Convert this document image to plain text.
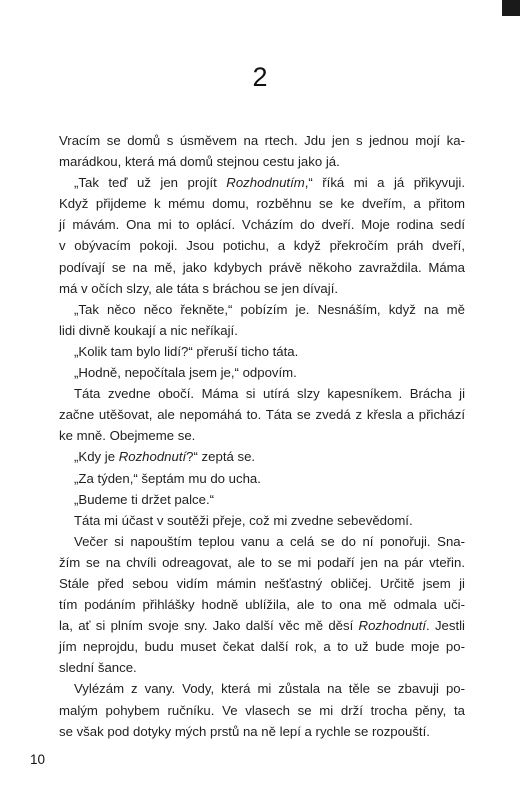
2
Vracím se domů s úsměvem na rtech. Jdu jen s jednou mojí ka-
marádkou, která má domů stejnou cestu jako já.
„Tak teď už jen projít Rozhodnutím,“ říká mi a já přikyvuji.
Když přijdeme k mému domu, rozběhnu se ke dveřím, a přitom
jí mávám. Ona mi to oplácí. Vcházím do dveří. Moje rodina sedí
v obývacím pokoji. Jsou potichu, a když překročím práh dveří,
podívají se na mě, jako kdybych právě někoho zavraždila. Máma
má v očích slzy, ale táta s bráchou se jen dívají.
„Tak něco něco řekněte,“ pobízím je. Nesnáším, když na mě
lidi divně koukají a nic neříkají.
„Kolik tam bylo lidí?“ přeruší ticho táta.
„Hodně, nepočítala jsem je,“ odpovím.
Táta zvedne obočí. Máma si utírá slzy kapesníkem. Brácha ji
začne utěšovat, ale nepomáhá to. Táta se zvedá z křesla a přichází
ke mně. Obejmeme se.
„Kdy je Rozhodnutí?“ zeptá se.
„Za týden,“ šeptám mu do ucha.
„Budeme ti držet palce.“
Táta mi účast v soutěži přeje, což mi zvedne sebevědomí.
Večer si napouštím teplou vanu a celá se do ní ponořuji. Sna-
žím se na chvíli odreagovat, ale to se mi podaří jen na pár vteřin.
Stále před sebou vidím mámin nešťastný obličej. Určitě jsem ji
tím podáním přihlášky hodně ublížila, ale to ona mě odmala uči-
la, ať si plním svoje sny. Jako další věc mě děsí Rozhodnutí. Jestli
jím neprojdu, budu muset čekat další rok, a to už bude moje po-
slední šance.
Vylézám z vany. Vody, která mi zůstala na těle se zbavuji po-
malým pohybem ručníku. Ve vlasech se mi drží trocha pěny, ta
se však pod dotyky mých prstů na ně lepí a rychle se rozpouští.
10
